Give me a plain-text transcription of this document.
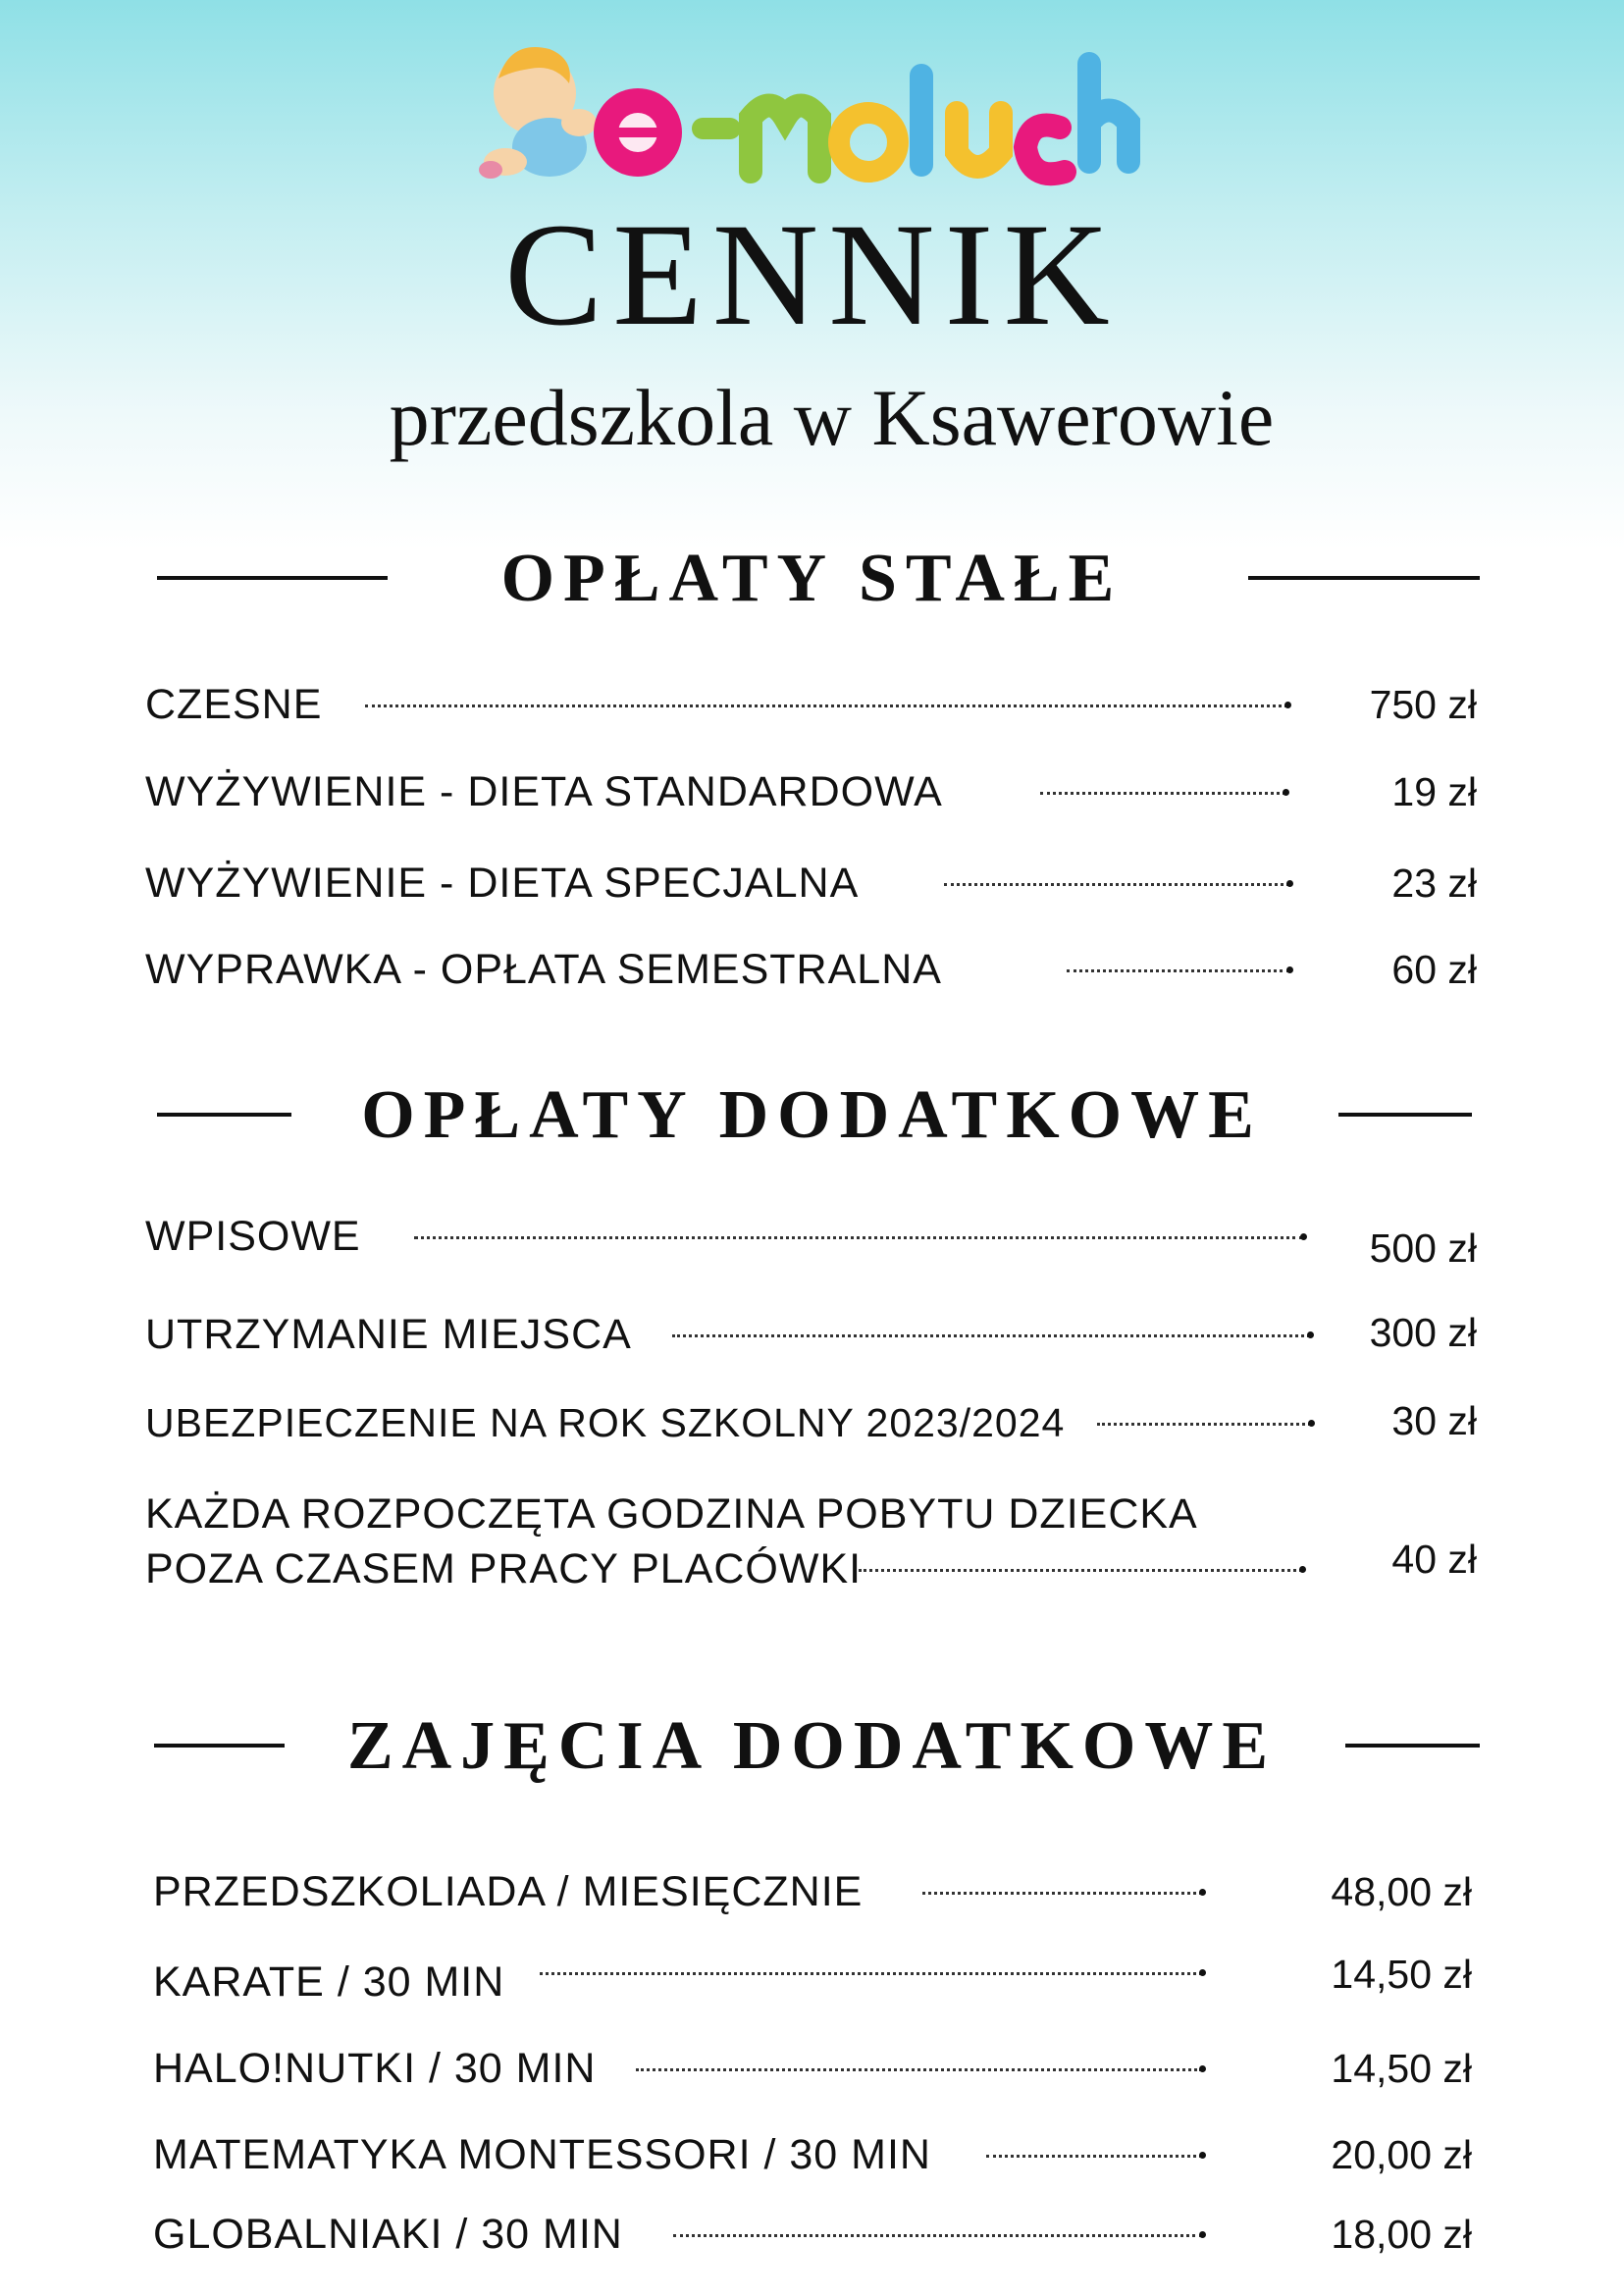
CENNIK
przedszkola w Ksawerowie
OPŁATY STAŁE
CZESNE	750 zł
WYŻYWIENIE - DIETA STANDARDOWA	19 zł
WYŻYWIENIE - DIETA SPECJALNA	23 zł
WYPRAWKA - OPŁATA SEMESTRALNA	60 zł
OPŁATY DODATKOWE
WPISOWE	500 zł
UTRZYMANIE MIEJSCA	300 zł
UBEZPIECZENIE NA ROK SZKOLNY 2023/2024	30 zł
KAŻDA ROZPOCZĘTA GODZINA POBYTU DZIECKA
POZA CZASEM PRACY PLACÓWKI	40 zł
ZAJĘCIA DODATKOWE
PRZEDSZKOLIADA / MIESIĘCZNIE	48,00 zł
KARATE / 30 MIN	14,50 zł
HALO!NUTKI / 30 MIN	14,50 zł
MATEMATYKA MONTESSORI / 30 MIN	20,00 zł
GLOBALNIAKI / 30 MIN	18,00 zł
